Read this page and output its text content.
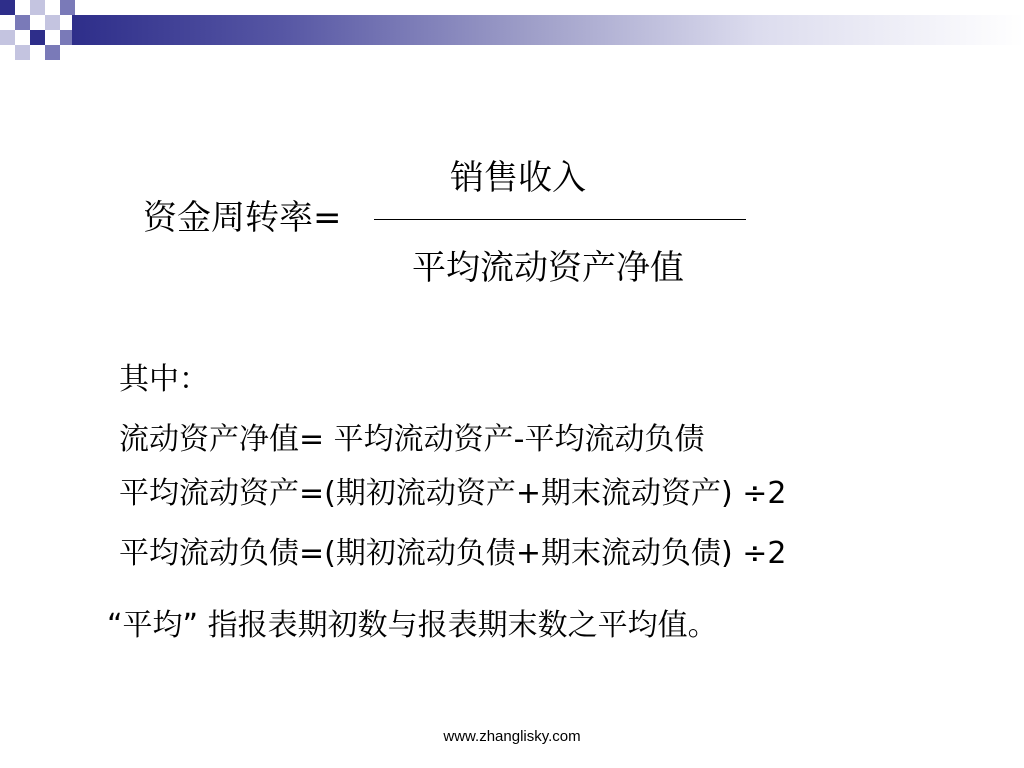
资金周转率=
销售收入
平均流动资产净值
其中：
流动资产净值= 平均流动资产-平均流动负债
平均流动资产=(期初流动资产+期末流动资产) ÷2
平均流动负债=(期初流动负债+期末流动负债) ÷2
“平均” 指报表期初数与报表期末数之平均值。
www.zhanglisky.com
